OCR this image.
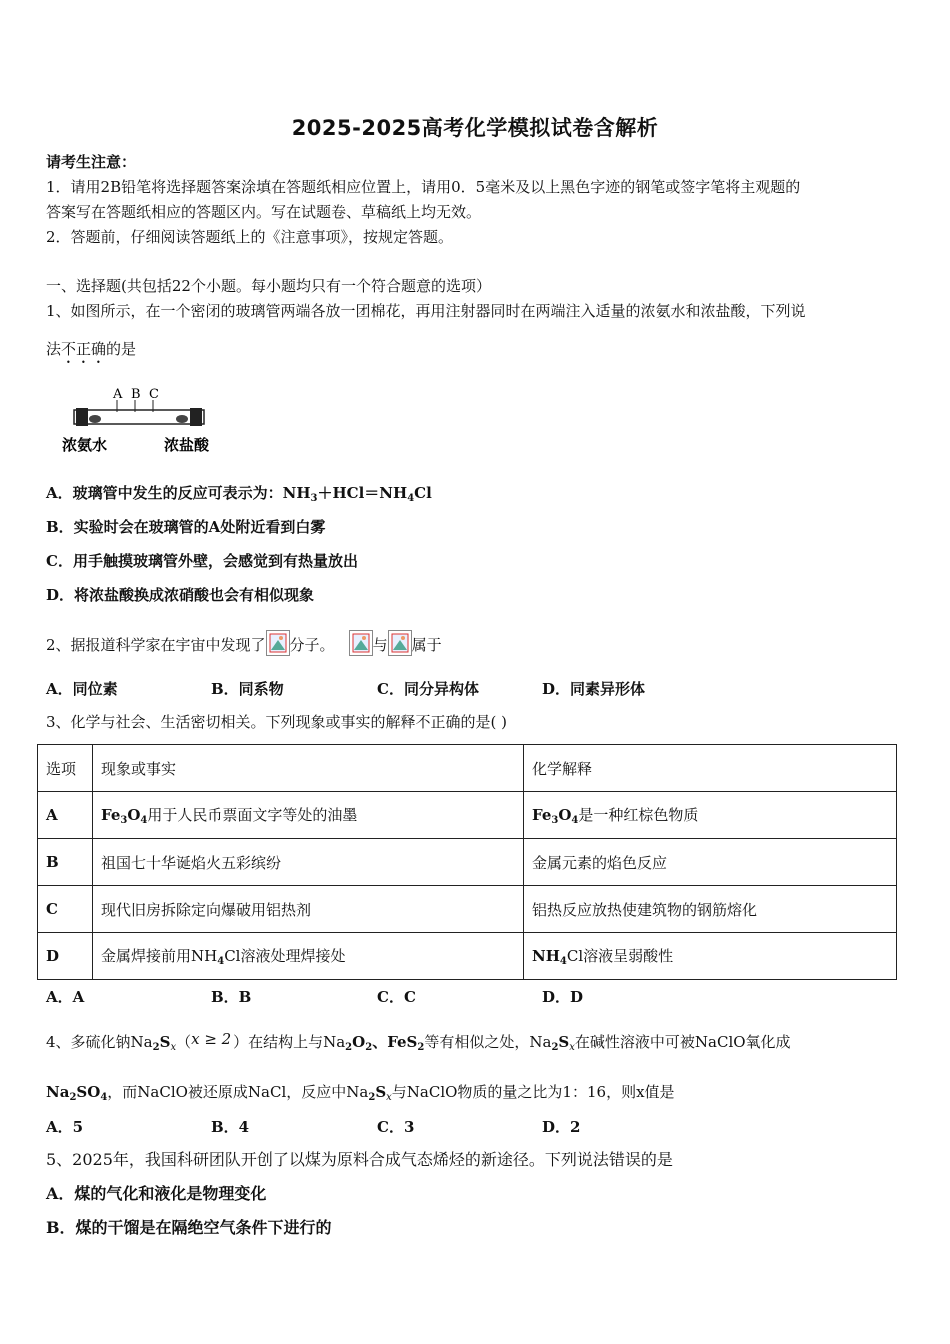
2025-2025高考化学模拟试卷含解析
请考生注意：
1．请用2B铅笔将选择题答案涂填在答题纸相应位置上，请用0．5毫米及以上黑色字迹的钢笔或签字笔将主观题的
答案写在答题纸相应的答题区内。写在试题卷、草稿纸上均无效。
2．答题前，仔细阅读答题纸上的《注意事项》，按规定答题。
一、选择题(共包括22个小题。每小题均只有一个符合题意的选项）
1、如图所示，在一个密闭的玻璃管两端各放一团棉花，再用注射器同时在两端注入适量的浓氨水和浓盐酸，下列说
法不正确的是
A B C
浓氨水	浓盐酸
A．玻璃管中发生的反应可表示为：$NH_3+HCl=NH_4Cl$
B．实验时会在玻璃管的A处附近看到白雾
C．用手触摸玻璃管外壁，会感觉到有热量放出
D．将浓盐酸换成浓硝酸也会有相似现象
2、据报道科学家在宇宙中发现了 分子。	与 属于
A．同位素	B．同系物	C．同分异构体	D．同素异形体
3、化学与社会、生活密切相关。下列现象或事实的解释不正确的是( )
选项	现象或事实	化学解释
A	$Fe_3O_4$用于人民币票面文字等处的油墨	$Fe_3O_4$是一种红棕色物质
B	祖国七十华诞焰火五彩缤纷	金属元素的焰色反应
C	现代旧房拆除定向爆破用铝热剂	铝热反应放热使建筑物的钢筋熔化
D	金属焊接前用$NH_4Cl$溶液处理焊接处	$NH_4Cl$溶液呈弱酸性
A．A	B．B	C．C	D．D
4、多硫化钠$Na_2S_x$（ x ≥ 2 ）在结构上与$Na_2O_2$、FeS$_2$等有相似之处，$Na_2S_x$在碱性溶液中可被NaClO氧化成
$Na_2SO_4$，而NaClO被还原成NaCl，反应中$Na_2S_x$与NaClO物质的量之比为1：16，则x值是
A．5	B．4	C．3	D．2
5、2025年，我国科研团队开创了以煤为原料合成气态烯烃的新途径。下列说法错误的是
A．煤的气化和液化是物理变化
B．煤的干馏是在隔绝空气条件下进行的
